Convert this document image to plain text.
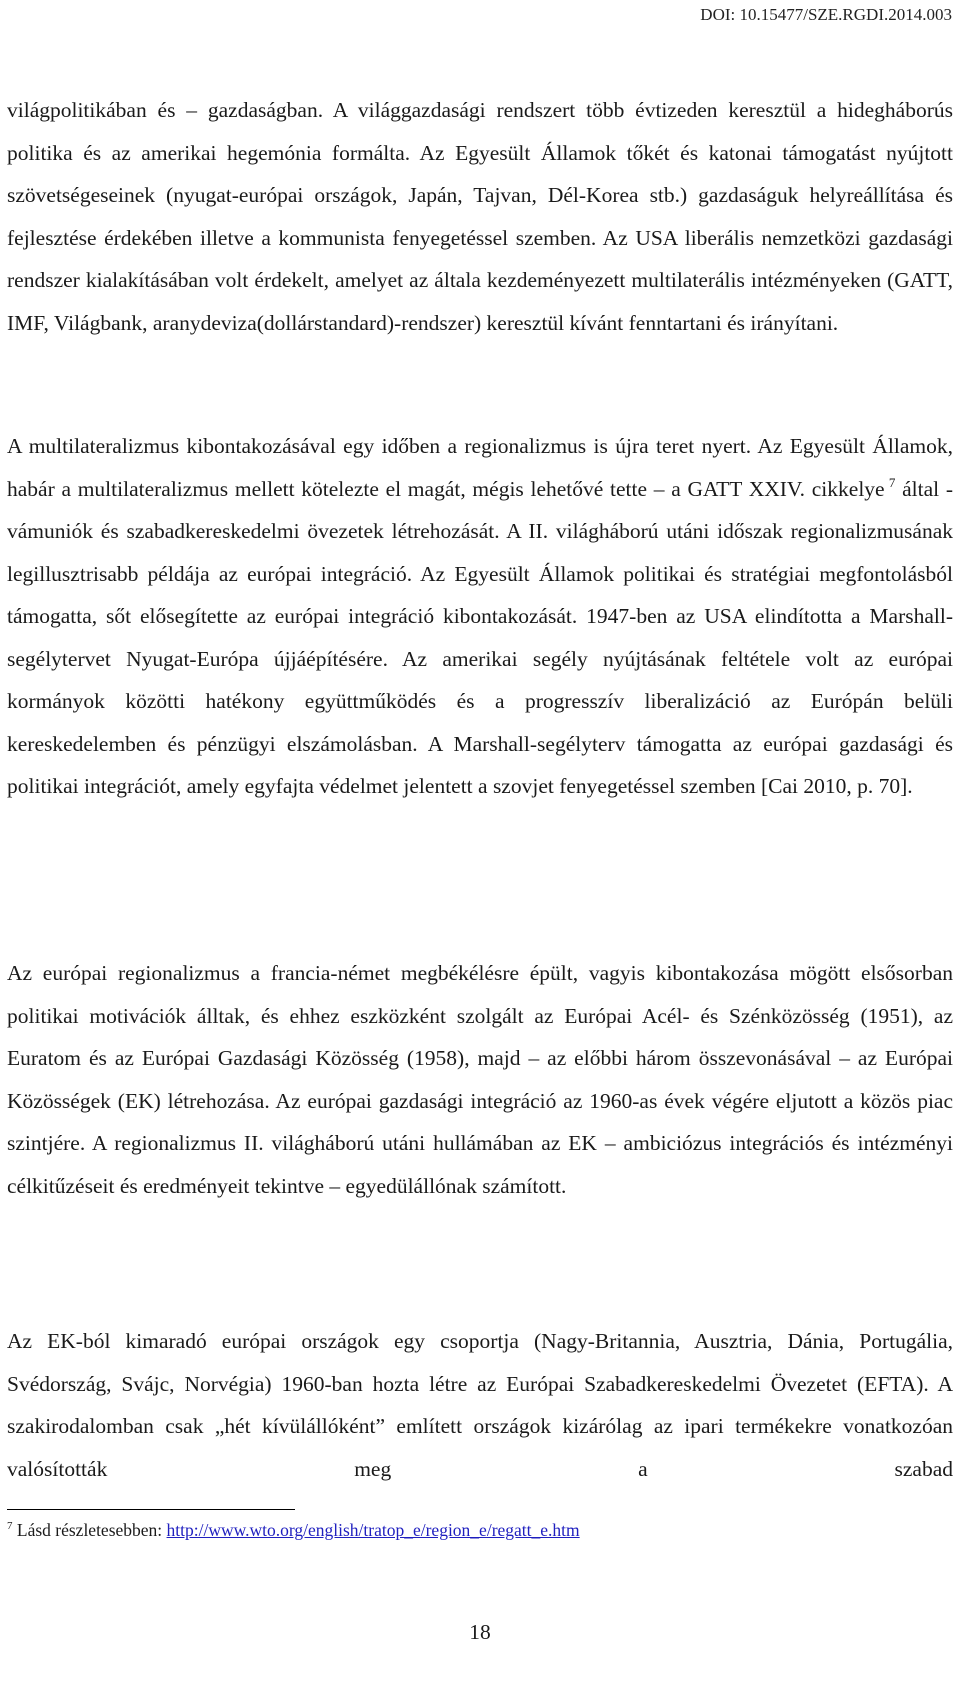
DOI: 10.15477/SZE.RGDI.2014.003

világpolitikában és – gazdaságban. A világgazdasági rendszert több évtizeden keresztül a hidegháborús politika és az amerikai hegemónia formálta. Az Egyesült Államok tőkét és katonai támogatást nyújtott szövetségeseinek (nyugat-európai országok, Japán, Tajvan, Dél-Korea stb.) gazdaságuk helyreállítása és fejlesztése érdekében illetve a kommunista fenyegetéssel szemben. Az USA liberális nemzetközi gazdasági rendszer kialakításában volt érdekelt, amelyet az általa kezdeményezett multilaterális intézményeken (GATT, IMF, Világbank, aranydeviza(dollárstandard)-rendszer) keresztül kívánt fenntartani és irányítani.

A multilateralizmus kibontakozásával egy időben a regionalizmus is újra teret nyert. Az Egyesült Államok, habár a multilateralizmus mellett kötelezte el magát, mégis lehetővé tette – a GATT XXIV. cikkelye  $^7$ által - vámuniók és szabadkereskedelmi övezetek létrehozását. A II. világháború utáni időszak regionalizmusának legillusztrisabb példája az európai integráció. Az Egyesült Államok politikai és stratégiai megfontolásból támogatta, sőt elősegítette az európai integráció kibontakozását. 1947-ben az USA elindította a Marshall-segélytervet Nyugat-Európa újjáépítésére. Az amerikai segély nyújtásának feltétele volt az európai kormányok közötti hatékony együttműködés és a progresszív liberalizáció az Európán belüli kereskedelemben és pénzügyi elszámolásban. A Marshall-segélyterv támogatta az európai gazdasági és politikai integrációt, amely egyfajta védelmet jelentett a szovjet fenyegetéssel szemben [Cai 2010, p. 70].

Az európai regionalizmus a francia-német megbékélésre épült, vagyis kibontakozása mögött elsősorban politikai motivációk álltak, és ehhez eszközként szolgált az Európai Acél- és Szénközösség (1951), az Euratom és az Európai Gazdasági Közösség (1958), majd – az előbbi három összevonásával – az Európai Közösségek (EK) létrehozása. Az európai gazdasági integráció az 1960-as évek végére eljutott a közös piac szintjére. A regionalizmus II. világháború utáni hullámában az EK – ambiciózus integrációs és intézményi célkitűzéseit és eredményeit tekintve – egyedülállónak számított.

Az EK-ból kimaradó európai országok egy csoportja (Nagy-Britannia, Ausztria, Dánia, Portugália, Svédország, Svájc, Norvégia) 1960-ban hozta létre az Európai Szabadkereskedelmi Övezetet (EFTA). A szakirodalomban csak „hét kívülállóként” említett országok kizárólag az ipari termékekre vonatkozóan valósították meg a szabad

$^7$ Lásd részletesebben: http://www.wto.org/english/tratop_e/region_e/regatt_e.htm
18
